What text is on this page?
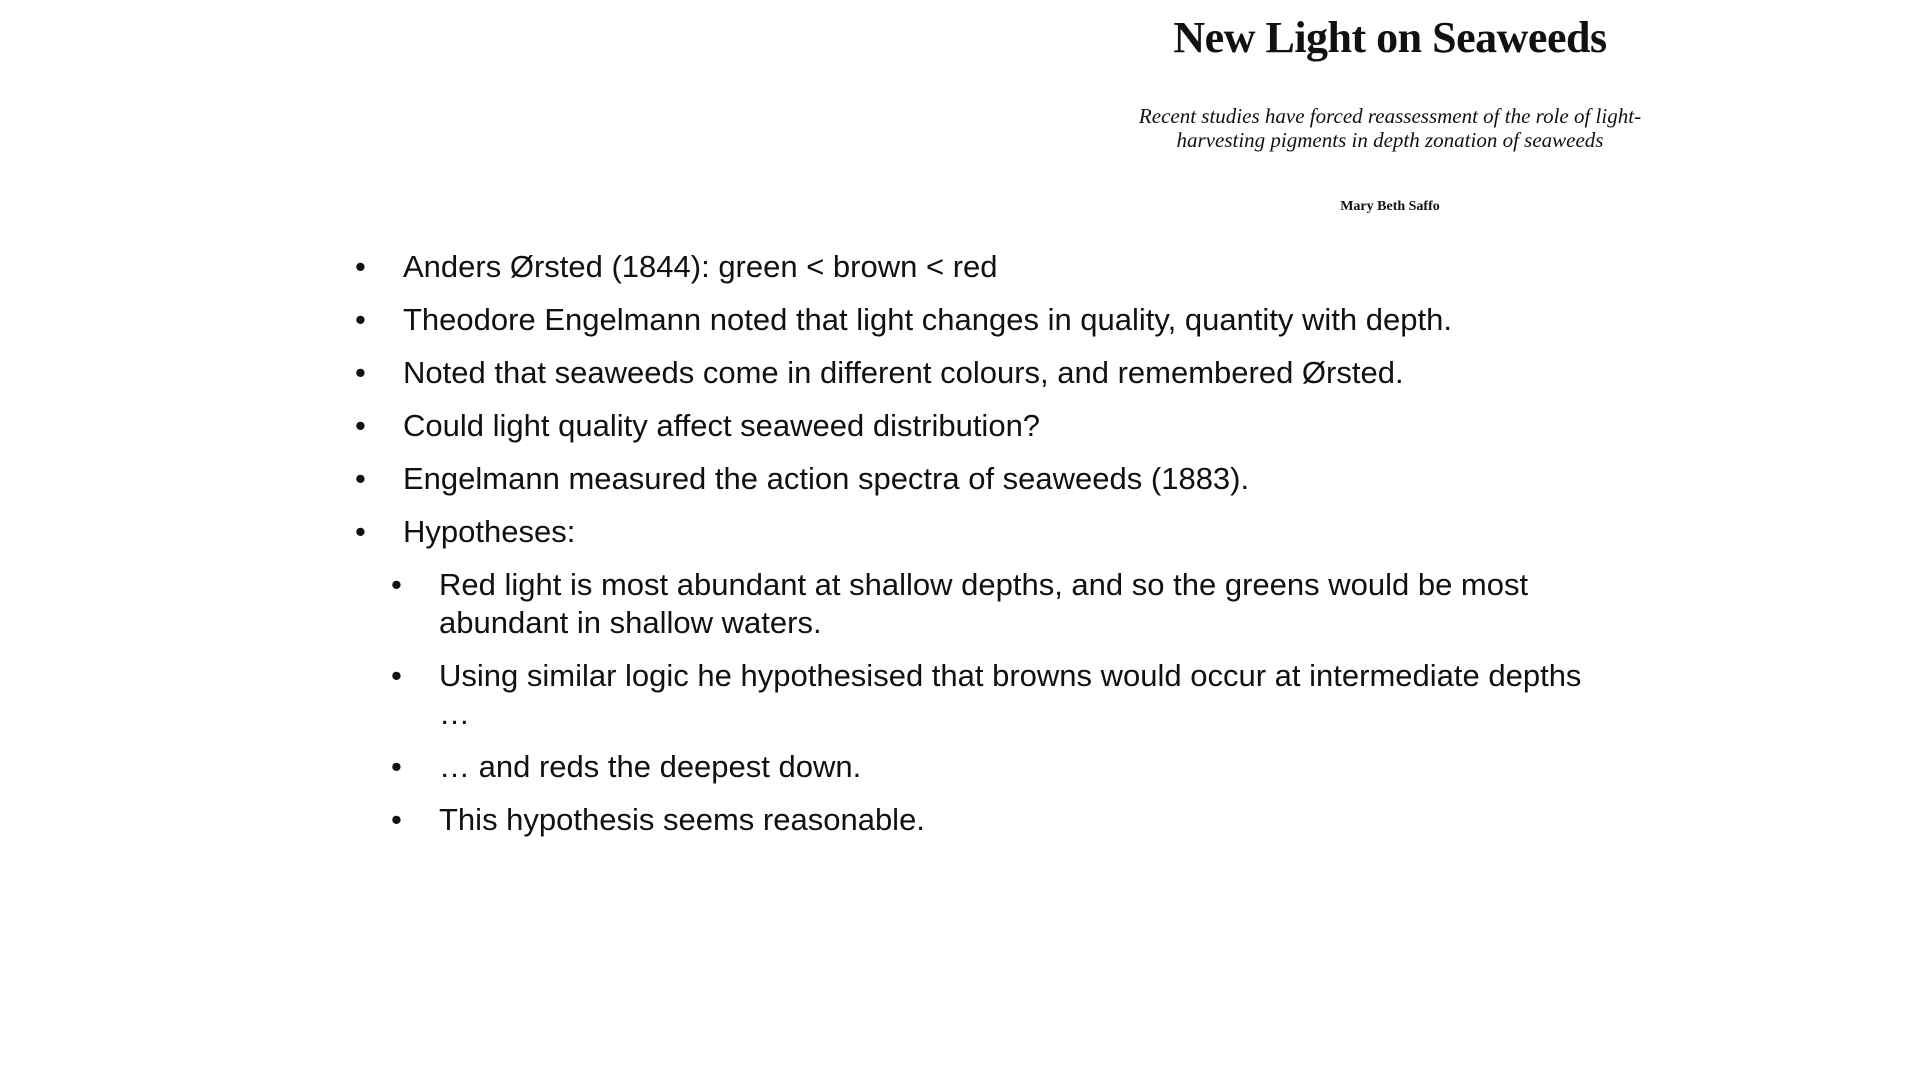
New Light on Seaweeds
Recent studies have forced reassessment of the role of light-harvesting pigments in depth zonation of seaweeds
Mary Beth Saffo
•	Anders Ørsted (1844): green < brown < red
•	Theodore Engelmann noted that light changes in quality, quantity with depth.
•	Noted that seaweeds come in different colours, and remembered Ørsted.
•	Could light quality affect seaweed distribution?
•	Engelmann measured the action spectra of seaweeds (1883).
•	Hypotheses:
•	Red light is most abundant at shallow depths, and so the greens would be most abundant in shallow waters.
•	Using similar logic he hypothesised that browns would occur at intermediate depths …
•	… and reds the deepest down.
•	This hypothesis seems reasonable.
